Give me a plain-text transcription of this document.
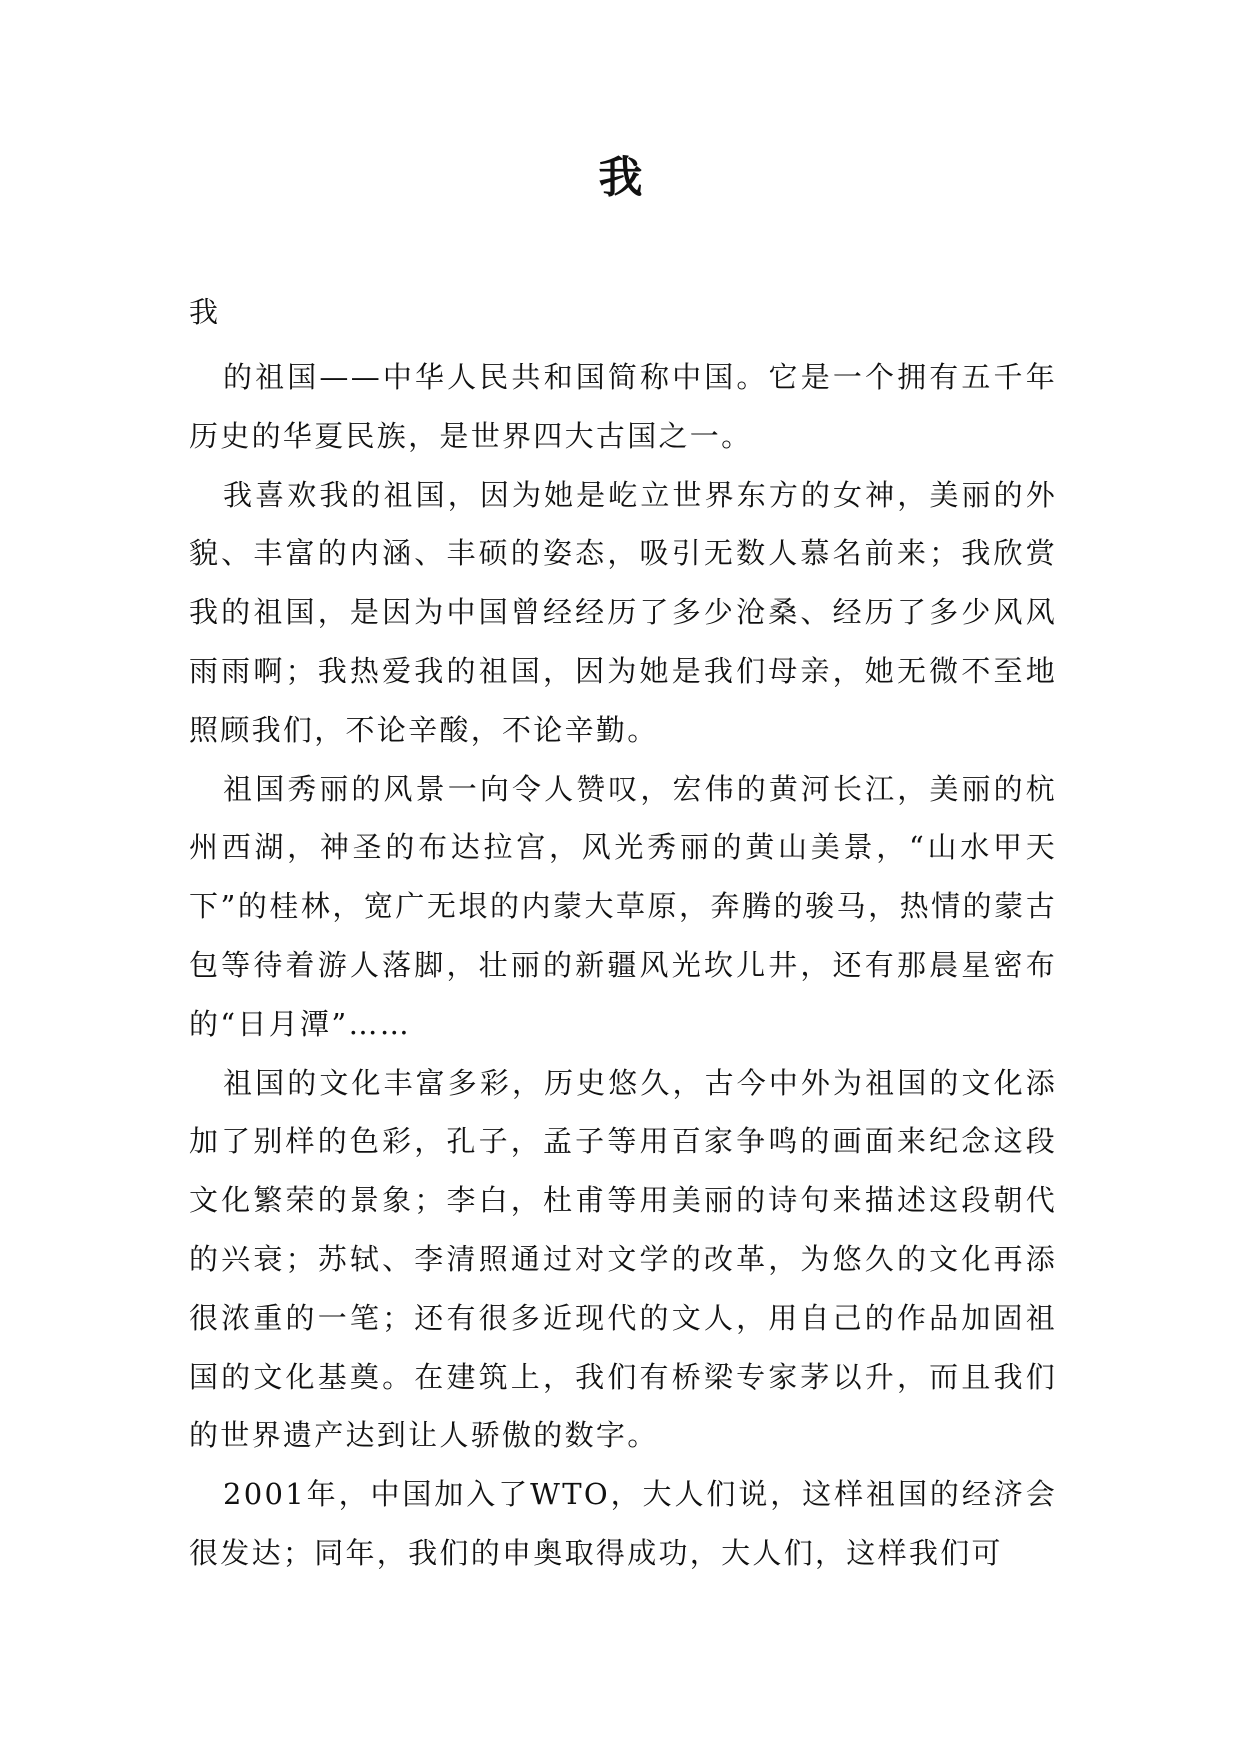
我
我

的祖国——中华人民共和国简称中国。它是一个拥有五千年历史的华夏民族，是世界四大古国之一。

我喜欢我的祖国，因为她是屹立世界东方的女神，美丽的外貌、丰富的内涵、丰硕的姿态，吸引无数人慕名前来；我欣赏我的祖国，是因为中国曾经经历了多少沧桑、经历了多少风风雨雨啊；我热爱我的祖国，因为她是我们母亲，她无微不至地照顾我们，不论辛酸，不论辛勤。

祖国秀丽的风景一向令人赞叹，宏伟的黄河长江，美丽的杭州西湖，神圣的布达拉宫，风光秀丽的黄山美景，“山水甲天下”的桂林，宽广无垠的内蒙大草原，奔腾的骏马，热情的蒙古包等待着游人落脚，壮丽的新疆风光坎儿井，还有那晨星密布的“日月潭”……

祖国的文化丰富多彩，历史悠久，古今中外为祖国的文化添加了别样的色彩，孔子，孟子等用百家争鸣的画面来纪念这段文化繁荣的景象；李白，杜甫等用美丽的诗句来描述这段朝代的兴衰；苏轼、李清照通过对文学的改革，为悠久的文化再添很浓重的一笔；还有很多近现代的文人，用自己的作品加固祖国的文化基奠。在建筑上，我们有桥梁专家茅以升，而且我们的世界遗产达到让人骄傲的数字。

2001年，中国加入了WTO，大人们说，这样祖国的经济会很发达；同年，我们的申奥取得成功，大人们，这样我们可
